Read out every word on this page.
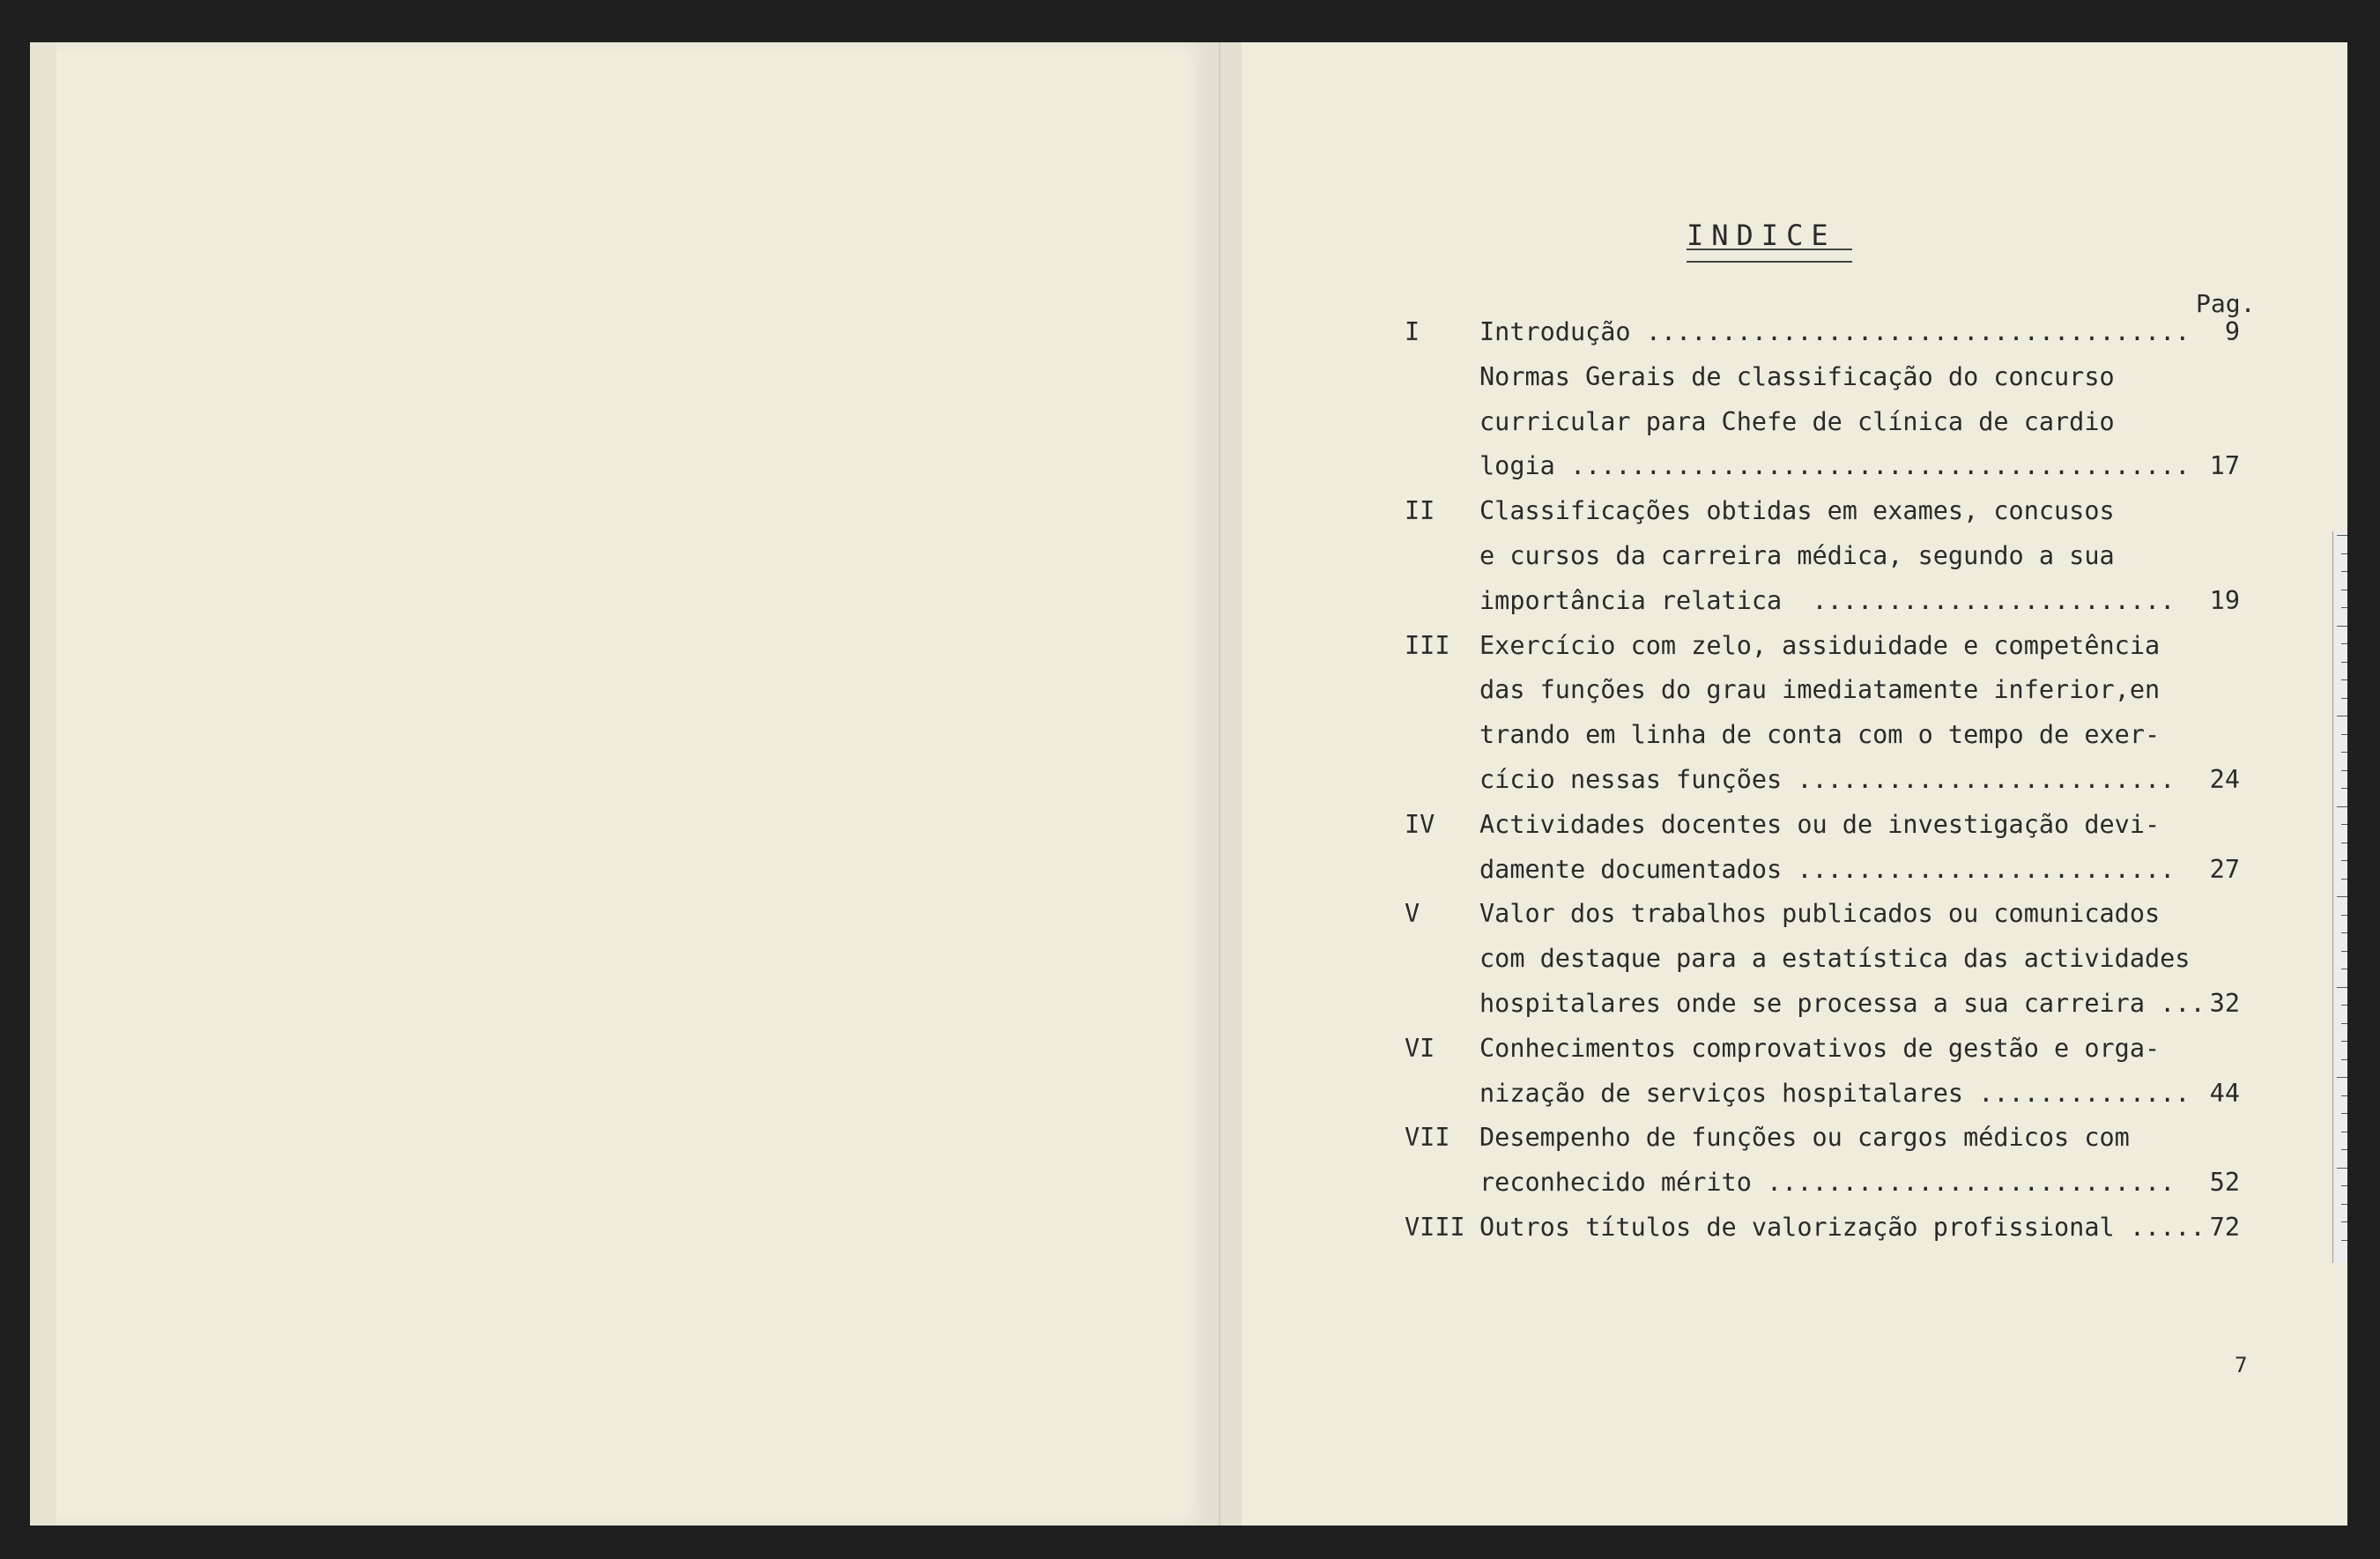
INDICE
Pag.
I	Introdução ....................................	9
Normas Gerais de classificação do concurso
curricular para Chefe de clínica de cardio
logia ......................................... 17
II	Classificações obtidas em exames, concusos
e cursos da carreira médica, segundo a sua
importância relatica  ........................	19
III	Exercício com zelo, assiduidade e competência
das funções do grau imediatamente inferior,en
trando em linha de conta com o tempo de exer-
cício nessas funções .........................	24
IV	Actividades docentes ou de investigação devi-
damente documentados .........................	27
V	Valor dos trabalhos publicados ou comunicados
com destaque para a estatística das actividades
hospitalares onde se processa a sua carreira ... 32
VI	Conhecimentos comprovativos de gestão e orga-
nização de serviços hospitalares .............. 44
VII	Desempenho de funções ou cargos médicos com
reconhecido mérito ...........................	52
VIII Outros títulos de valorização profissional ..... 72
7
